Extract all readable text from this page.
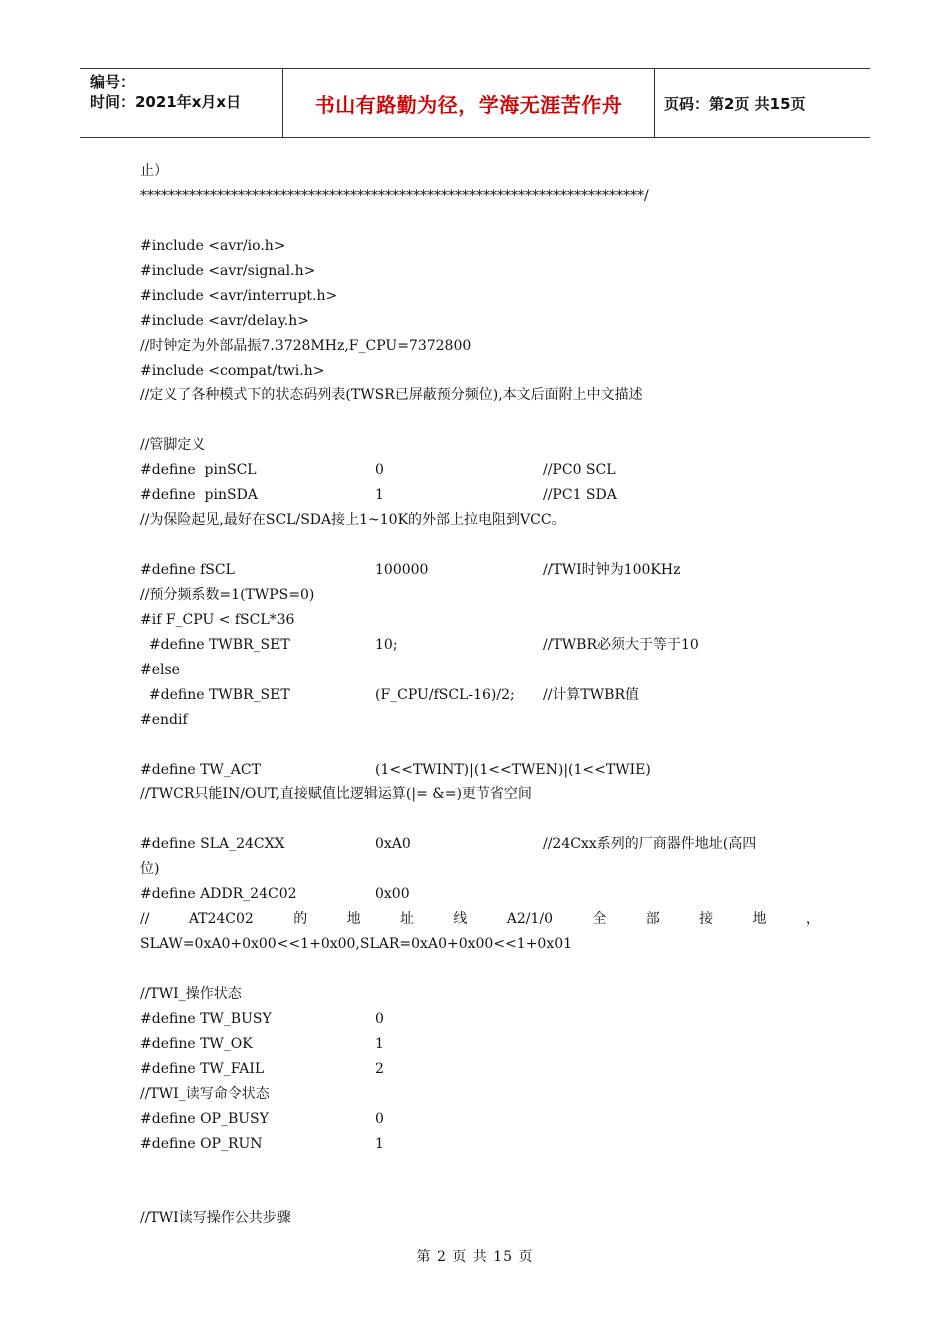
编号：
时间：2021年x月x日	书山有路勤为径，学海无涯苦作舟	页码：第2页 共15页
止）
************************************************************************/
#include <avr/io.h>
#include <avr/signal.h>
#include <avr/interrupt.h>
#include <avr/delay.h>
//时钟定为外部晶振7.3728MHz,F_CPU=7372800
#include <compat/twi.h>
//定义了各种模式下的状态码列表(TWSR已屏蔽预分频位),本文后面附上中文描述
//管脚定义
#define  pinSCL	0	//PC0 SCL
#define  pinSDA	1	//PC1 SDA
//为保险起见,最好在SCL/SDA接上1~10K的外部上拉电阻到VCC。
#define fSCL	100000	//TWI时钟为100KHz
//预分频系数=1(TWPS=0)
#if F_CPU < fSCL*36
#define TWBR_SET	10;	//TWBR必须大于等于10
#else
#define TWBR_SET	(F_CPU/fSCL-16)/2; //计算TWBR值
#endif
#define TW_ACT	(1<<TWINT)|(1<<TWEN)|(1<<TWIE)
//TWCR只能IN/OUT,直接赋值比逻辑运算(|= &=)更节省空间
#define SLA_24CXX	0xA0	//24Cxx系列的厂商器件地址(高四
位)
#define ADDR_24C02	0x00
//	AT24C02	的	地	址	线	A2/1/0	全	部	接	地	，
SLAW=0xA0+0x00<<1+0x00,SLAR=0xA0+0x00<<1+0x01
//TWI_操作状态
#define TW_BUSY	0
#define TW_OK	1
#define TW_FAIL	2
//TWI_读写命令状态
#define OP_BUSY	0
#define OP_RUN	1
//TWI读写操作公共步骤
第 2 页 共 15 页
